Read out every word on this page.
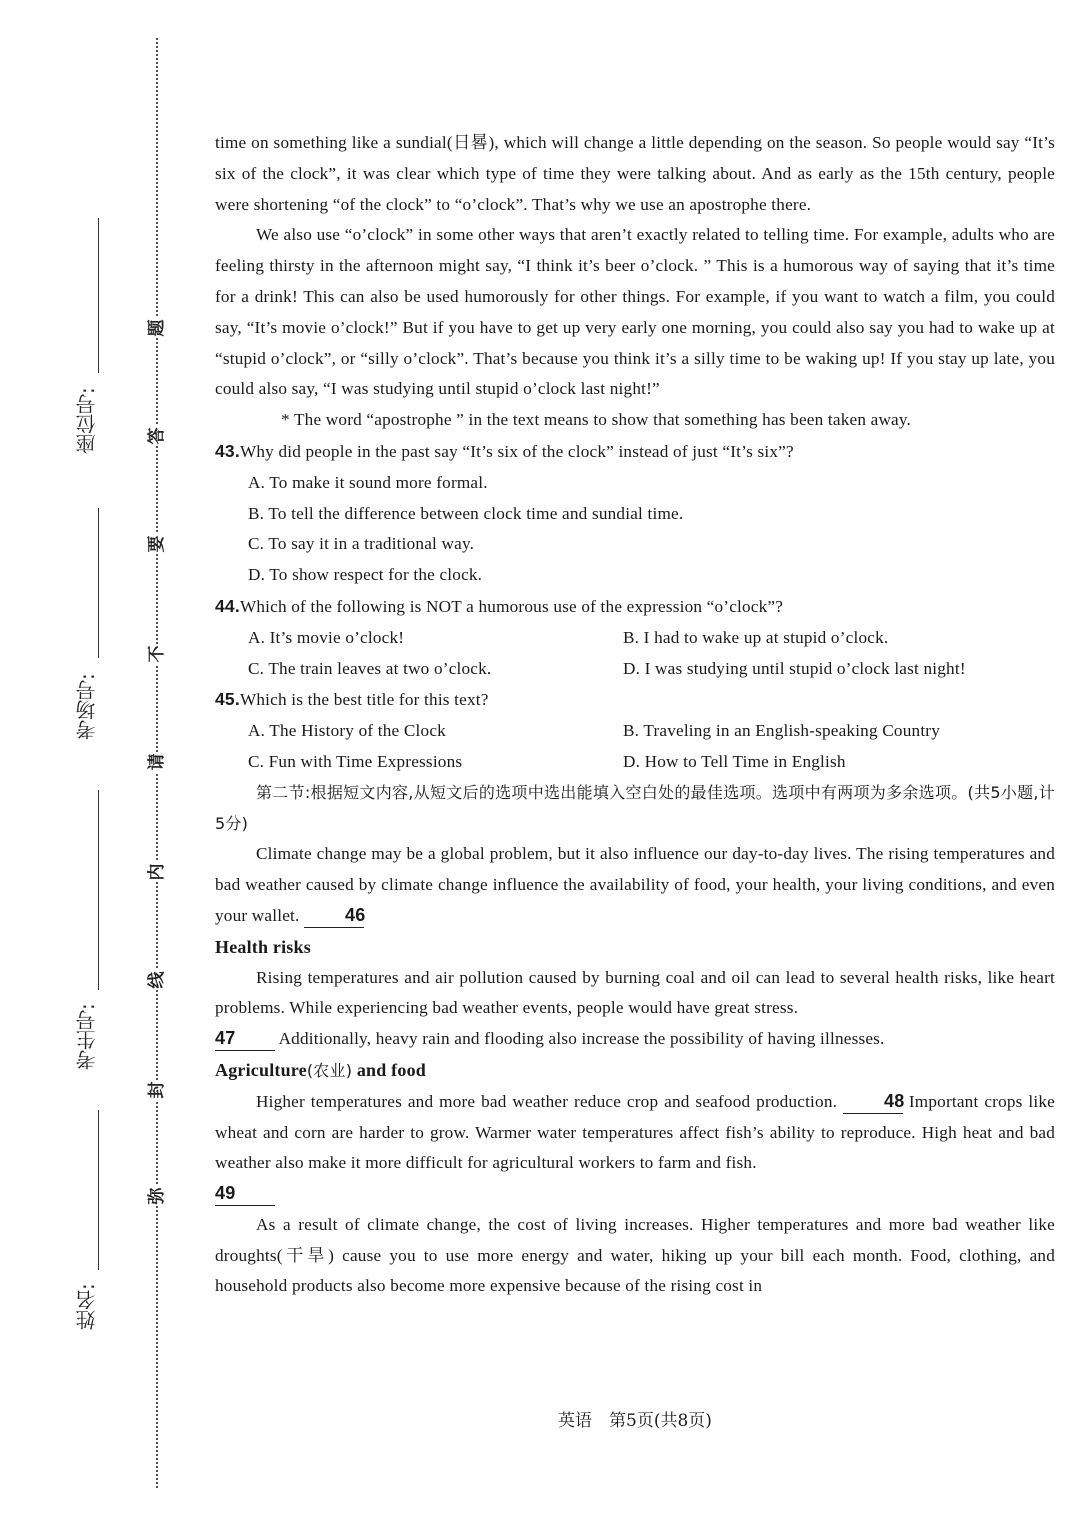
座位号:
考场号:
考生号:
姓名:
题
答
要
不
请
内
线
封
弥

time on something like a sundial(日晷), which will change a little depending on the season. So people would say “It’s six of the clock”, it was clear which type of time they were talking about. And as early as the 15th century, people were shortening “of the clock” to “o’clock”. That’s why we use an apostrophe there.

We also use “o’clock” in some other ways that aren’t exactly related to telling time. For example, adults who are feeling thirsty in the afternoon might say, “I think it’s beer o’clock. ” This is a humorous way of saying that it’s time for a drink! This can also be used humorously for other things. For example, if you want to watch a film, you could say, “It’s movie o’clock!” But if you have to get up very early one morning, you could also say you had to wake up at “stupid o’clock”, or “silly o’clock”. That’s because you think it’s a silly time to be waking up! If you stay up late, you could also say, “I was studying until stupid o’clock last night!”

* The word “apostrophe ” in the text means to show that something has been taken away.

43.Why did people in the past say “It’s six of the clock” instead of just “It’s six”?

A. To make it sound more formal.

B. To tell the difference between clock time and sundial time.

C. To say it in a traditional way.

D. To show respect for the clock.

44.Which of the following is NOT a humorous use of the expression “o’clock”?

A. It’s movie o’clock!	B. I had to wake up at stupid o’clock.
C. The train leaves at two o’clock.	D. I was studying until stupid o’clock last night!

45.Which is the best title for this text?

A. The History of the Clock	B. Traveling in an English-speaking Country
C. Fun with Time Expressions	D. How to Tell Time in English

第二节:根据短文内容,从短文后的选项中选出能填入空白处的最佳选项。选项中有两项为多余选项。(共5小题,计5分)

Climate change may be a global problem, but it also influence our day-to-day lives. The rising temperatures and bad weather caused by climate change influence the availability of food, your health, your living conditions, and even your wallet.	46

Health risks

Rising temperatures and air pollution caused by burning coal and oil can lead to several health risks, like heart problems. While experiencing bad weather events, people would have great stress.

47	Additionally, heavy rain and flooding also increase the possibility of having illnesses.

Agriculture(农业) and food

Higher temperatures and more bad weather reduce crop and seafood production.	48 Important crops like wheat and corn are harder to grow. Warmer water temperatures affect fish’s ability to reproduce. High heat and bad weather also make it more difficult for agricultural workers to farm and fish.

49

As a result of climate change, the cost of living increases. Higher temperatures and more bad weather like droughts(干旱) cause you to use more energy and water, hiking up your bill each month. Food, clothing, and household products also become more expensive because of the rising cost in

英语　第5页(共8页)
